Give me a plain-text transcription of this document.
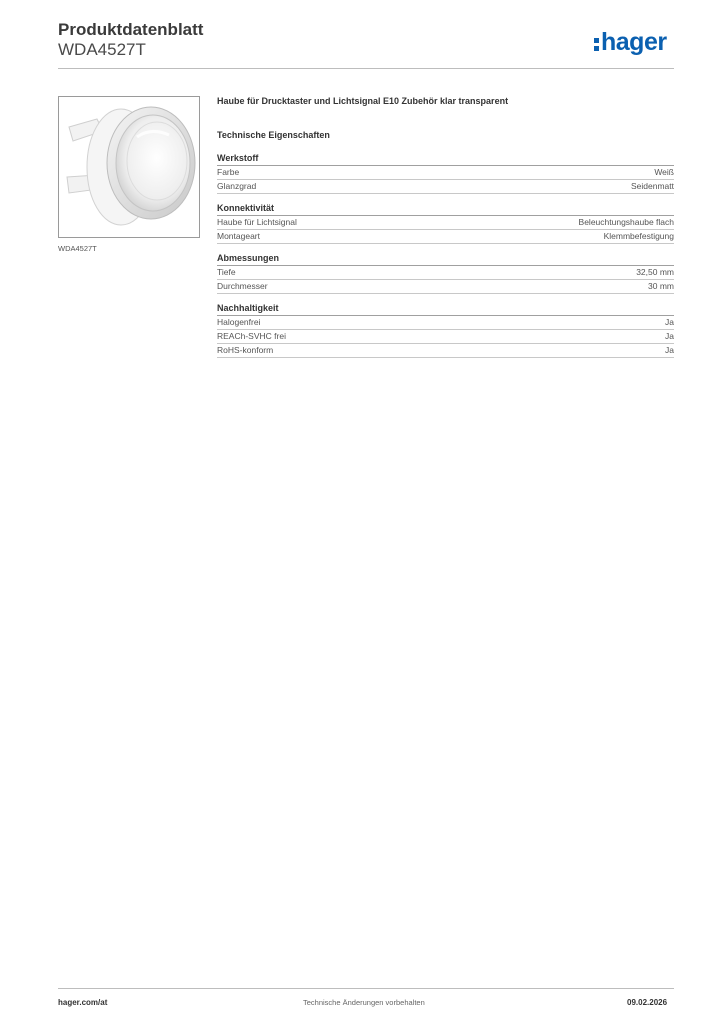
Produktdatenblatt
WDA4527T	hager
WDA4527T
Haube für Drucktaster und Lichtsignal E10 Zubehör klar transparent
Technische Eigenschaften
Werkstoff
Farbe	Weiß
Glanzgrad	Seidenmatt
Konnektivität
Haube für Lichtsignal	Beleuchtungshaube flach
Montageart	Klemmbefestigung
Abmessungen
Tiefe	32,50 mm
Durchmesser	30 mm
Nachhaltigkeit
Halogenfrei	Ja
REACh-SVHC frei	Ja
RoHS-konform	Ja
hager.com/at	Technische Änderungen vorbehalten	09.02.2026
